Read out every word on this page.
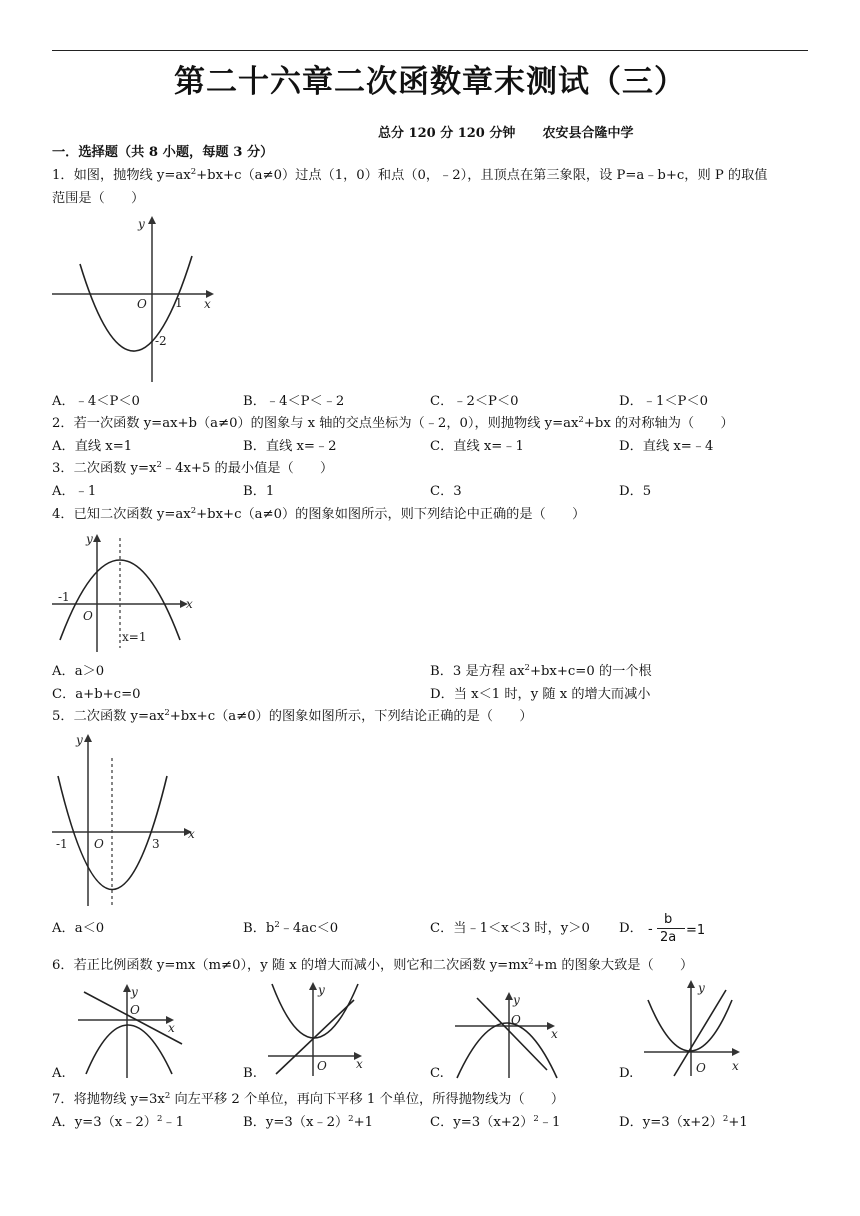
第二十六章二次函数章末测试（三）
总分 120 分 120 分钟      农安县合隆中学
一．选择题（共 8 小题，每题 3 分）
1．如图，抛物线 $y=ax^2+bx+c(a\ne 0)$过点（1，0）和点（0，﹣2），且顶点在第三象限，设 P=a﹣b+c，则 P 的取值
范围是（　　）
y
x
O 1
-2
A．﹣4＜P＜0	B．﹣4＜P＜﹣2	C．﹣2＜P＜0	D．﹣1＜P＜0
2．若一次函数 y=ax+b（a≠0）的图象与 x 轴的交点坐标为（﹣2，0），则抛物线 $y=ax^2+bx$ 的对称轴为（　　）
A．直线 x=1	B．直线 x=﹣2	C．直线 x=﹣1	D．直线 x=﹣4
3．二次函数 $y=x^2﹣4x+5$ 的最小值是（　　）
A．﹣1	B．1	C．3	D．5
4．已知二次函数 $y=ax^2+bx+c(a\ne 0)$的图象如图所示，则下列结论中正确的是（　　）
y
x
O
-1
x=1
A．a＞0	B．3 是方程 $ax^2+bx+c=0$ 的一个根
C．a+b+c=0	D．当 x＜1 时，y 随 x 的增大而减小
5．二次函数 $y=ax^2+bx+c(a\ne 0)$的图象如图所示，下列结论正确的是（　　）
y
x
O
-1	3
A．a＜0	B．$b^2﹣4ac<0$	C．当﹣1＜x＜3 时，y＞0 D． -
b
2a =1
6．若正比例函数 y=mx（m≠0），y 随 x 的增大而减小，则它和二次函数 $y=mx^2+m$ 的图象大致是（　　）
y
x
O
y
x
O
y
x
O
y
x
O
A.	B.	C.	D.
7．将抛物线 $y=3x^2$ 向左平移 2 个单位，再向下平移 1 个单位，所得抛物线为（　　）
A．y=3（x﹣2）$^2$﹣1	B．y=3（x﹣2）$^2$+1	C．$y=3(x+2)^2﹣1$	D．$y=3(x+2)^2+1$
